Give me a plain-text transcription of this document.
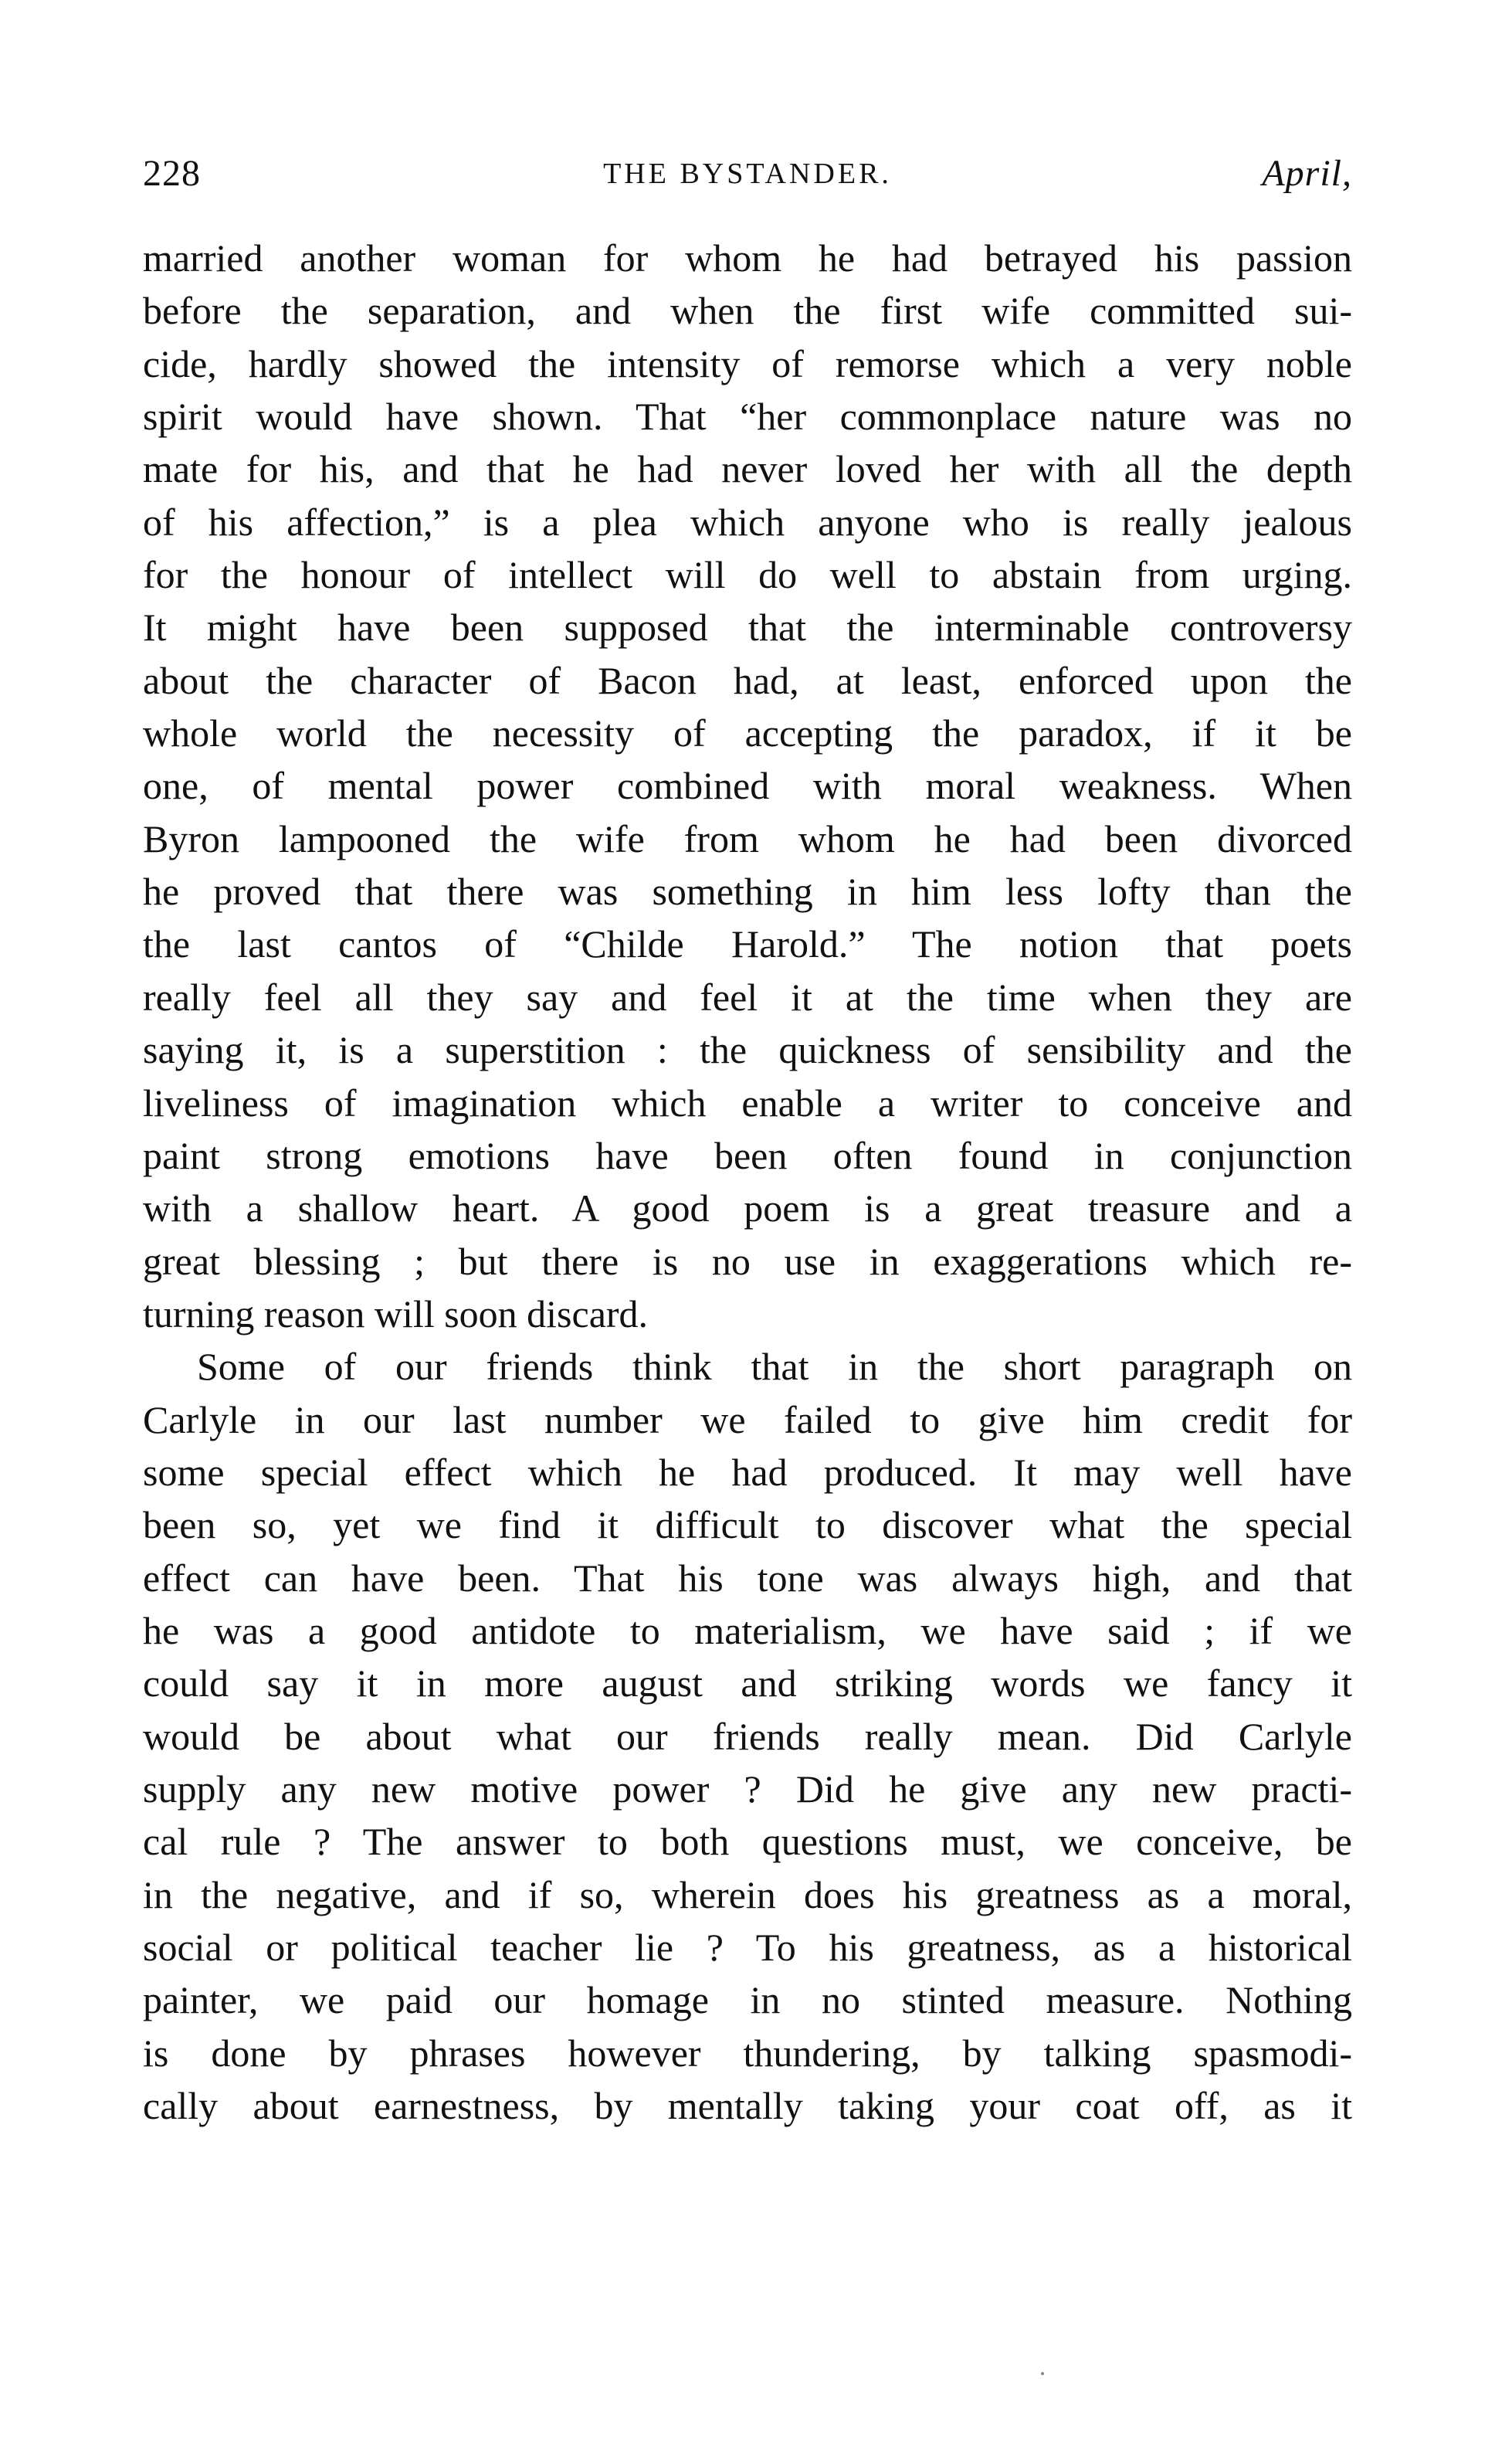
228	THE BYSTANDER.	April,
married another woman for whom he had betrayed his passion
before the separation, and when the first wife committed sui-
cide, hardly showed the intensity of remorse which a very noble
spirit would have shown. That “her commonplace nature was no
mate for his, and that he had never loved her with all the depth
of his affection,” is a plea which anyone who is really jealous
for the honour of intellect will do well to abstain from urging.
It might have been supposed that the interminable controversy
about the character of Bacon had, at least, enforced upon the
whole world the necessity of accepting the paradox, if it be
one, of mental power combined with moral weakness. When
Byron lampooned the wife from whom he had been divorced
he proved that there was something in him less lofty than the
the last cantos of “Childe Harold.” The notion that poets
really feel all they say and feel it at the time when they are
saying it, is a superstition : the quickness of sensibility and the
liveliness of imagination which enable a writer to conceive and
paint strong emotions have been often found in conjunction
with a shallow heart. A good poem is a great treasure and a
great blessing ; but there is no use in exaggerations which re-
turning reason will soon discard.
Some of our friends think that in the short paragraph on
Carlyle in our last number we failed to give him credit for
some special effect which he had produced. It may well have
been so, yet we find it difficult to discover what the special
effect can have been. That his tone was always high, and that
he was a good antidote to materialism, we have said ; if we
could say it in more august and striking words we fancy it
would be about what our friends really mean. Did Carlyle
supply any new motive power ? Did he give any new practi-
cal rule ? The answer to both questions must, we conceive, be
in the negative, and if so, wherein does his greatness as a moral,
social or political teacher lie ? To his greatness, as a historical
painter, we paid our homage in no stinted measure. Nothing
is done by phrases however thundering, by talking spasmodi-
cally about earnestness, by mentally taking your coat off, as it
